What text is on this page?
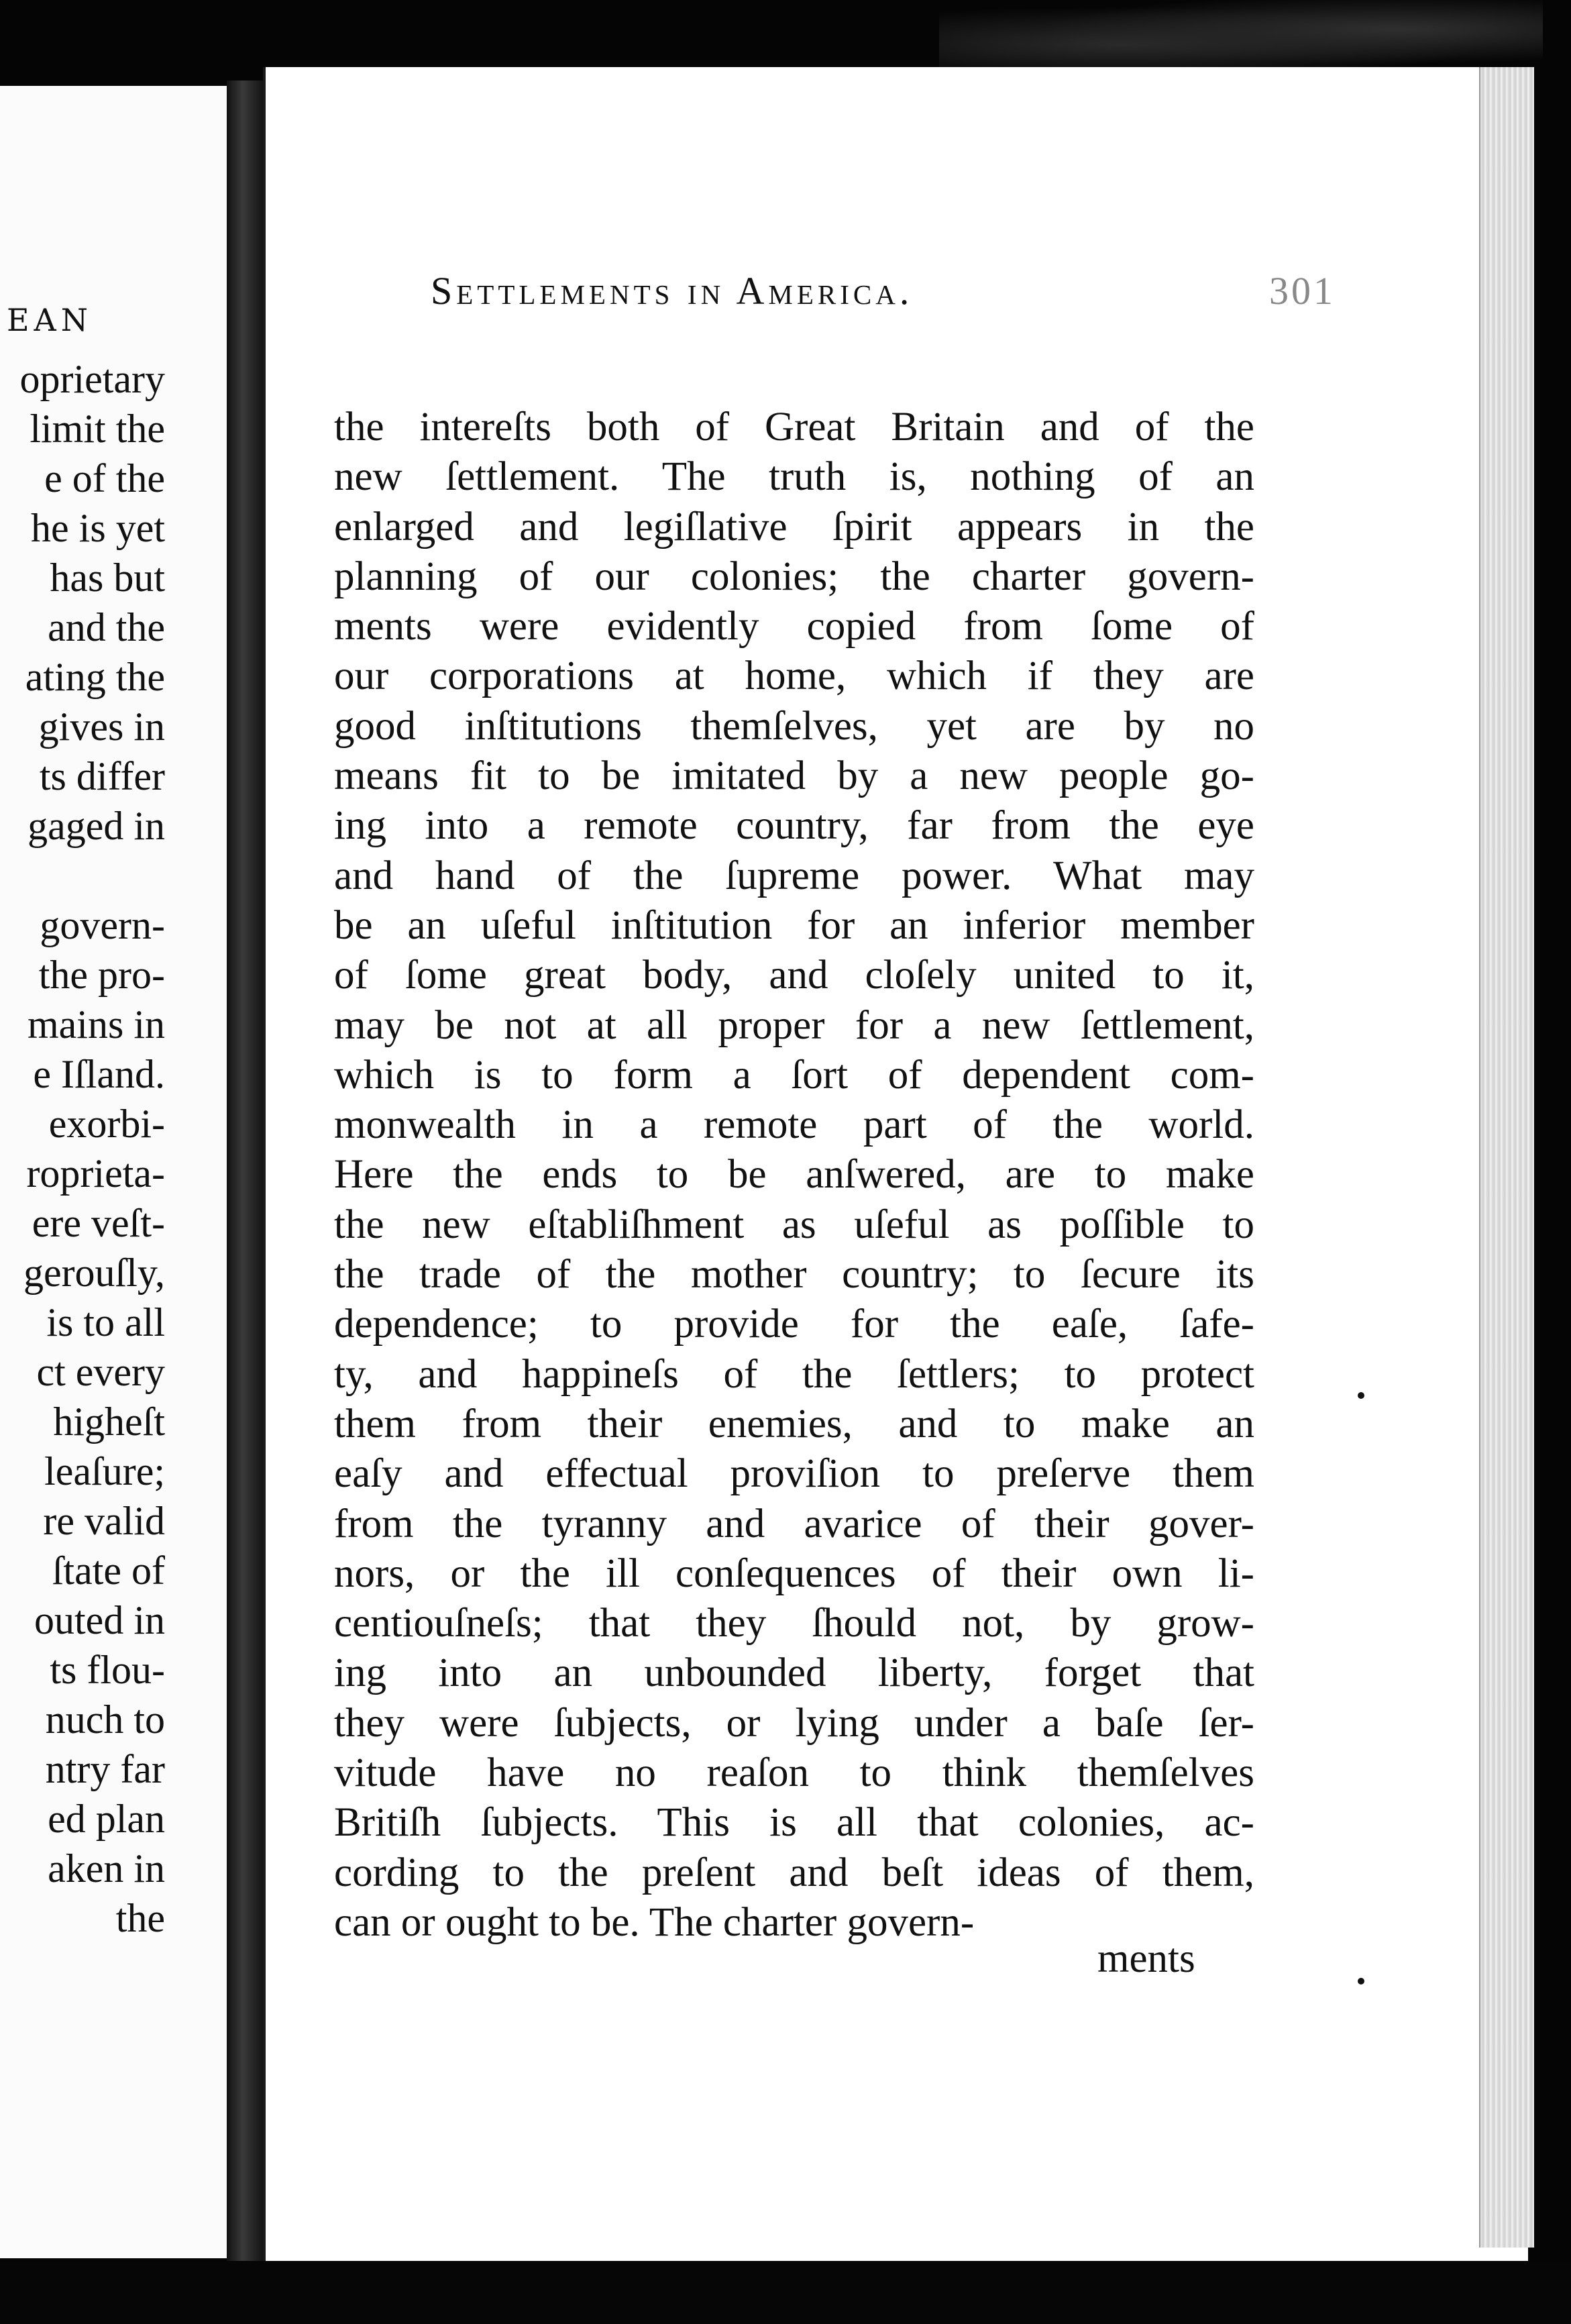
EAN
oprietary
limit the
e of the
he is yet
has but
and the
ating the
gives in
ts differ
gaged in
govern-
the pro-
mains in
e Iſland.
exorbi-
roprieta-
ere veſt-
gerouſly,
is to all
ct every
higheſt
leaſure;
re valid
ſtate of
outed in
ts flou-
nuch to
ntry far
ed plan
aken in
the
Settlements in America.	301
the intereſts both of Great Britain and of the
new ſettlement. The truth is, nothing of an
enlarged and legiſlative ſpirit appears in the
planning of our colonies; the charter govern-
ments were evidently copied from ſome of
our corporations at home, which if they are
good inſtitutions themſelves, yet are by no
means fit to be imitated by a new people go-
ing into a remote country, far from the eye
and hand of the ſupreme power. What may
be an uſeful inſtitution for an inferior member
of ſome great body, and cloſely united to it,
may be not at all proper for a new ſettlement,
which is to form a ſort of dependent com-
monwealth in a remote part of the world.
Here the ends to be anſwered, are to make
the new eſtabliſhment as uſeful as poſſible to
the trade of the mother country; to ſecure its
dependence; to provide for the eaſe, ſafe-
ty, and happineſs of the ſettlers; to protect
them from their enemies, and to make an
eaſy and effectual proviſion to preſerve them
from the tyranny and avarice of their gover-
nors, or the ill conſequences of their own li-
centiouſneſs; that they ſhould not, by grow-
ing into an unbounded liberty, forget that
they were ſubjects, or lying under a baſe ſer-
vitude have no reaſon to think themſelves
Britiſh ſubjects. This is all that colonies, ac-
cording to the preſent and beſt ideas of them,
can or ought to be. The charter govern-
ments
